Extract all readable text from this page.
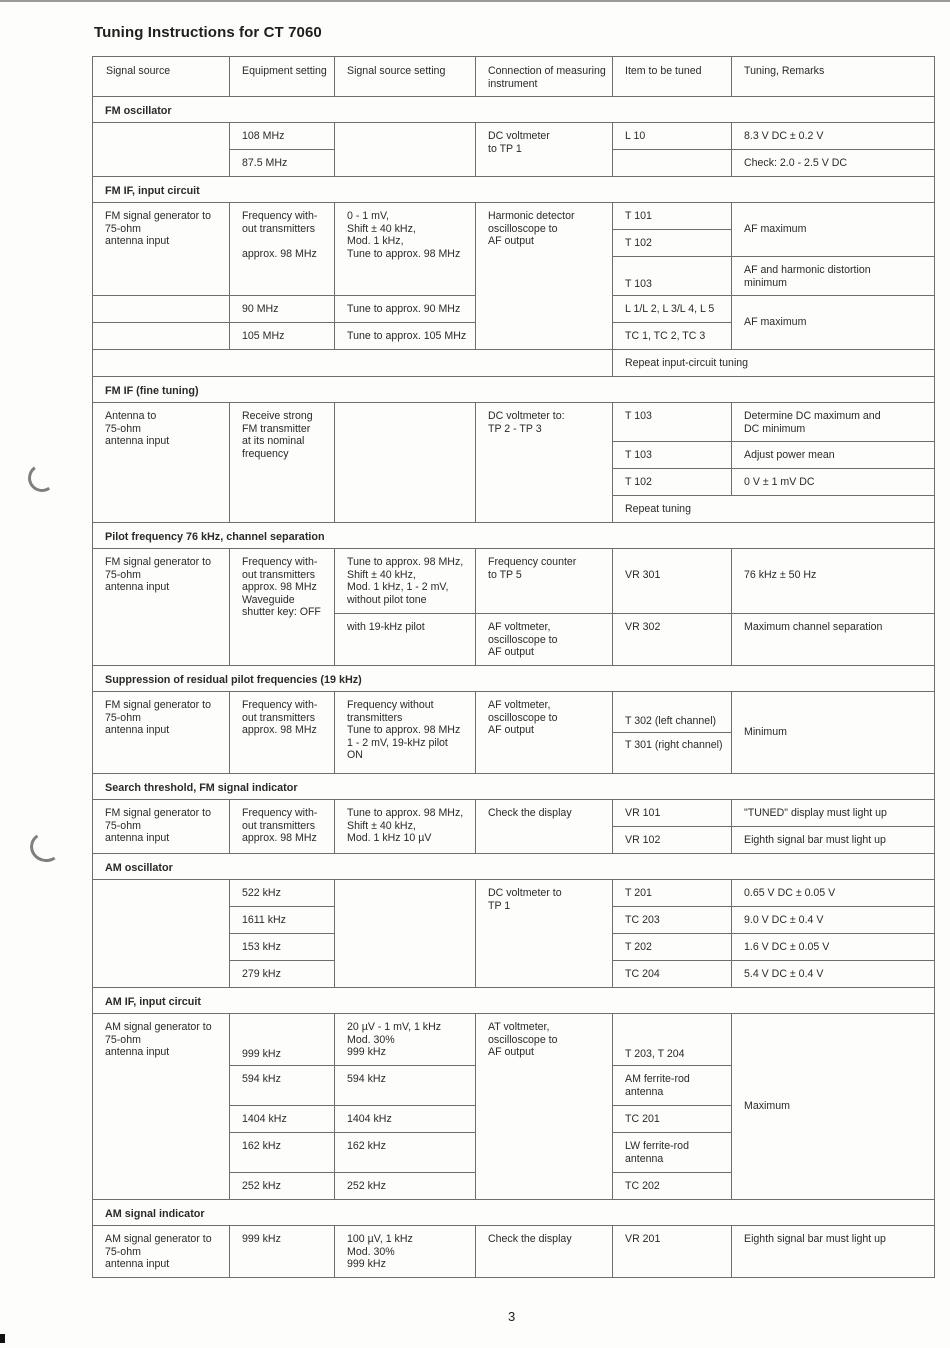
Tuning Instructions for CT 7060
Signal source	Equipment setting	Signal source setting	Connection of measuring instrument	Item to be tuned	Tuning, Remarks
FM oscillator					
	108 MHz		DC voltmeter
to TP 1	L 10	8.3 V DC ± 0.2 V
	87.5 MHz				Check: 2.0 - 2.5 V DC
FM IF, input circuit					
FM signal generator to
75-ohm
antenna input	Frequency with-
out transmitters

approx. 98 MHz	0 - 1 mV,
Shift ± 40 kHz,
Mod. 1 kHz,
Tune to approx. 98 MHz	Harmonic detector
oscilloscope to
AF output	T 101	AF maximum
				T 102	
				T 103	AF and harmonic distortion
minimum
	90 MHz	Tune to approx. 90 MHz		L 1/L 2, L 3/L 4, L 5	AF maximum
	105 MHz	Tune to approx. 105 MHz		TC 1, TC 2, TC 3	
				Repeat input-circuit tuning	
FM IF (fine tuning)					
Antenna to
75-ohm
antenna input	Receive strong
FM transmitter
at its nominal
frequency		DC voltmeter to:
TP 2 - TP 3	T 103	Determine DC maximum and
DC minimum
				T 103	Adjust power mean
				T 102	0 V ± 1 mV DC
				Repeat tuning	
Pilot frequency 76 kHz, channel separation					
FM signal generator to
75-ohm
antenna input	Frequency with-
out transmitters
approx. 98 MHz
Waveguide
shutter key: OFF	Tune to approx. 98 MHz,
Shift ± 40 kHz,
Mod. 1 kHz, 1 - 2 mV,
without pilot tone	Frequency counter
to TP 5	VR 301	76 kHz ± 50 Hz
		with 19-kHz pilot	AF voltmeter,
oscilloscope to
AF output	VR 302	Maximum channel separation
Suppression of residual pilot frequencies (19 kHz)					
FM signal generator to
75-ohm
antenna input	Frequency with-
out transmitters
approx. 98 MHz	Frequency without
transmitters
Tune to approx. 98 MHz
1 - 2 mV, 19-kHz pilot
ON	AF voltmeter,
oscilloscope to
AF output	T 302 (left channel)	Minimum
				T 301 (right channel)	
Search threshold, FM signal indicator					
FM signal generator to
75-ohm
antenna input	Frequency with-
out transmitters
approx. 98 MHz	Tune to approx. 98 MHz,
Shift ± 40 kHz,
Mod. 1 kHz 10 µV	Check the display	VR 101	"TUNED" display must light up
				VR 102	Eighth signal bar must light up
AM oscillator					
	522 kHz		DC voltmeter to
TP 1	T 201	0.65 V DC ± 0.05 V
	1611 kHz			TC 203	9.0 V DC ± 0.4 V
	153 kHz			T 202	1.6 V DC ± 0.05 V
	279 kHz			TC 204	5.4 V DC ± 0.4 V
AM IF, input circuit					
AM signal generator to
75-ohm
antenna input	999 kHz	20 µV - 1 mV, 1 kHz
Mod. 30%
999 kHz	AT voltmeter,
oscilloscope to
AF output	T 203, T 204	Maximum
	594 kHz	594 kHz		AM ferrite-rod
antenna	
	1404 kHz	1404 kHz		TC 201	
	162 kHz	162 kHz		LW ferrite-rod
antenna	
	252 kHz	252 kHz		TC 202	
AM signal indicator					
AM signal generator to
75-ohm
antenna input	999 kHz	100 µV, 1 kHz
Mod. 30%
999 kHz	Check the display	VR 201	Eighth signal bar must light up
3
